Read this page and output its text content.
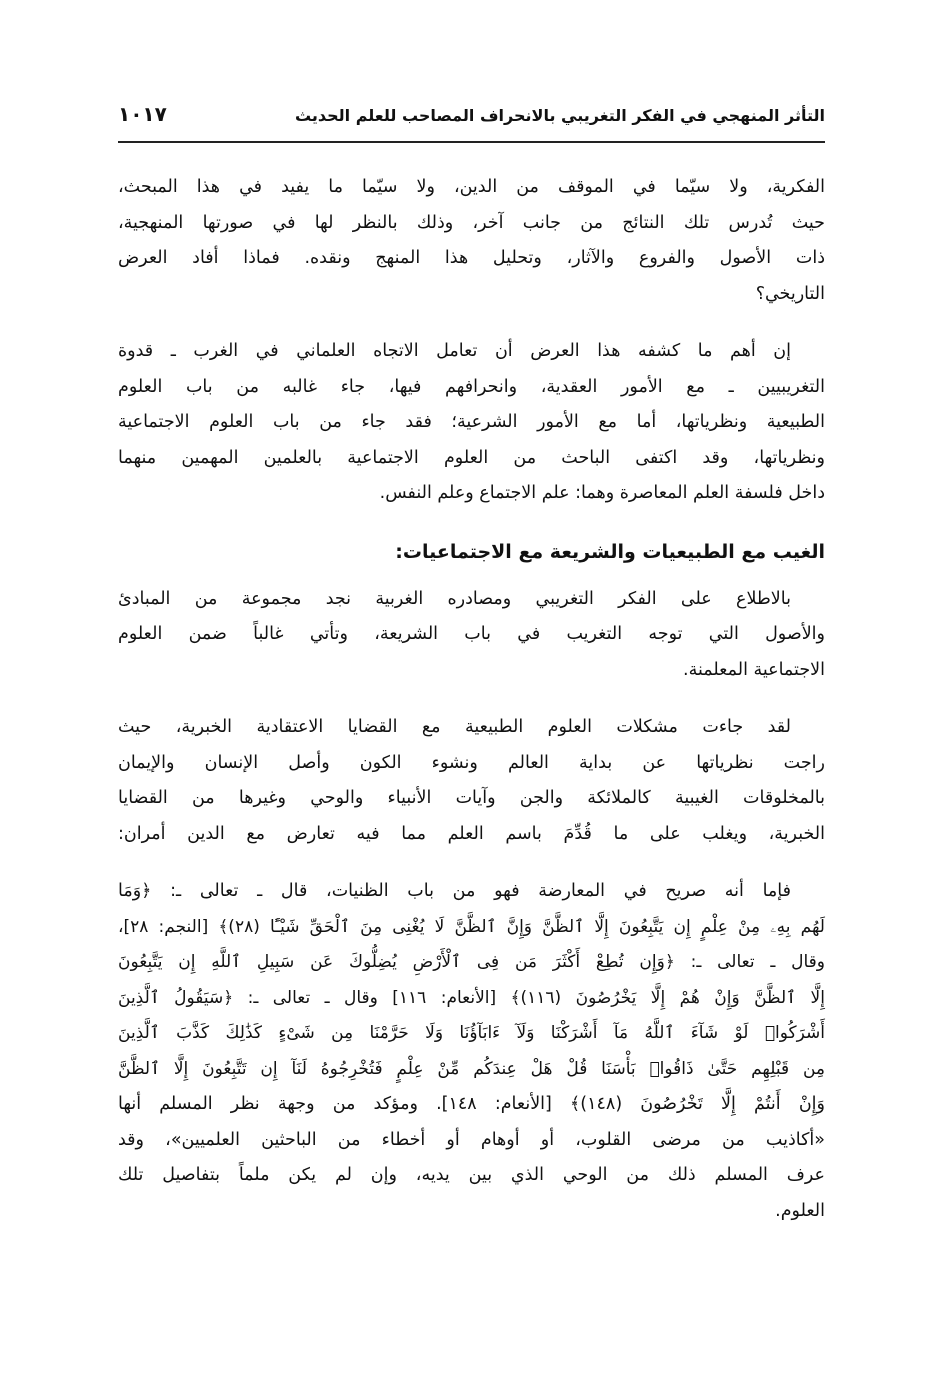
التأثر المنهجي في الفكر التغريبي بالانحراف المصاحب للعلم الحديث
١٠١٧
الفكرية، ولا سيّما في الموقف من الدين، ولا سيّما ما يفيد في هذا المبحث،
حيث تُدرس تلك النتائج من جانب آخر، وذلك بالنظر لها في صورتها المنهجية،
ذات الأصول والفروع والآثار، وتحليل هذا المنهج ونقده. فماذا أفاد العرض
التاريخي؟
إن أهم ما كشفه هذا العرض أن تعامل الاتجاه العلماني في الغرب ـ قدوة
التغريبيين ـ مع الأمور العقدية، وانحرافهم فيها، جاء غالبه من باب العلوم
الطبيعية ونظرياتها، أما مع الأمور الشرعية؛ فقد جاء من باب العلوم الاجتماعية
ونظرياتها، وقد اكتفى الباحث من العلوم الاجتماعية بالعلمين المهمين منهما
داخل فلسفة العلم المعاصرة وهما: علم الاجتماع وعلم النفس.
الغيب مع الطبيعيات والشريعة مع الاجتماعيات:
بالاطلاع على الفكر التغريبي ومصادره الغربية نجد مجموعة من المبادئ
والأصول التي توجه التغريب في باب الشريعة، وتأتي غالباً ضمن العلوم
الاجتماعية المعلمنة.
لقد جاءت مشكلات العلوم الطبيعية مع القضايا الاعتقادية الخبرية، حيث
راجت نظرياتها عن بداية العالم ونشوء الكون وأصل الإنسان والإيمان
بالمخلوقات الغيبية كالملائكة والجن وآيات الأنبياء والوحي وغيرها من القضايا
الخبرية، ويغلب على ما قُدِّمَ باسم العلم مما فيه تعارض مع الدين أمران:
فإما أنه صريح في المعارضة فهو من باب الظنيات، قال ـ تعالى ـ: ﴿وَمَا
لَهُم بِهِۦ مِنْ عِلْمٍ إِن يَتَّبِعُونَ إِلَّا ٱلظَّنَّ وَإِنَّ ٱلظَّنَّ لَا يُغْنِى مِنَ ٱلْحَقِّ شَيْـًٔا (٢٨)﴾ [النجم: ٢٨]،
وقال ـ تعالى ـ: ﴿وَإِن تُطِعْ أَكْثَرَ مَن فِى ٱلْأَرْضِ يُضِلُّوكَ عَن سَبِيلِ ٱللَّهِ إِن يَتَّبِعُونَ
إِلَّا ٱلظَّنَّ وَإِنْ هُمْ إِلَّا يَخْرُصُونَ (١١٦)﴾ [الأنعام: ١١٦] وقال ـ تعالى ـ: ﴿سَيَقُولُ ٱلَّذِينَ
أَشْرَكُوا۟ لَوْ شَآءَ ٱللَّهُ مَآ أَشْرَكْنَا وَلَآ ءَابَآؤُنَا وَلَا حَرَّمْنَا مِن شَىْءٍ كَذَٰلِكَ كَذَّبَ ٱلَّذِينَ
مِن قَبْلِهِم حَتَّىٰ ذَاقُوا۟ بَأْسَنَا قُلْ هَلْ عِندَكُم مِّنْ عِلْمٍ فَتُخْرِجُوهُ لَنَآ إِن تَتَّبِعُونَ إِلَّا ٱلظَّنَّ
وَإِنْ أَنتُمْ إِلَّا تَخْرُصُونَ (١٤٨)﴾ [الأنعام: ١٤٨]. ومؤكد من وجهة نظر المسلم أنها
«أكاذيب من مرضى القلوب، أو أوهام أو أخطاء من الباحثين العلميين»، وقد
عرف المسلم ذلك من الوحي الذي بين يديه، وإن لم يكن ملماً بتفاصيل تلك
العلوم.
